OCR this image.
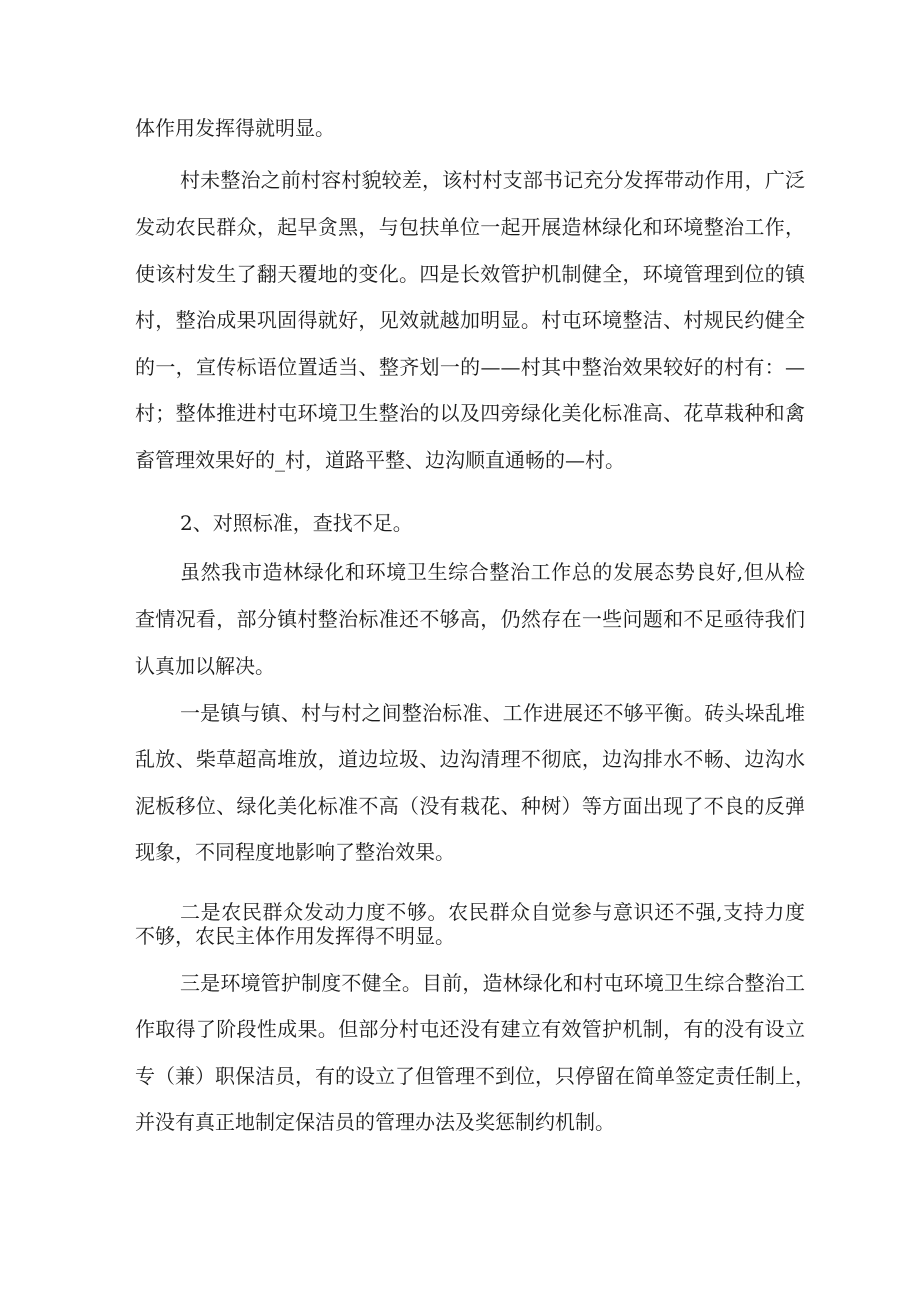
体作用发挥得就明显。
村未整治之前村容村貌较差，该村村支部书记充分发挥带动作用，广泛
发动农民群众，起早贪黑，与包扶单位一起开展造林绿化和环境整治工作，
使该村发生了翻天覆地的变化。四是长效管护机制健全，环境管理到位的镇
村，整治成果巩固得就好，见效就越加明显。村屯环境整洁、村规民约健全
的一，宣传标语位置适当、整齐划一的——村其中整治效果较好的村有：—
村；整体推进村屯环境卫生整治的以及四旁绿化美化标准高、花草栽种和禽
畜管理效果好的_村，道路平整、边沟顺直通畅的—村。
2、对照标准，查找不足。
虽然我市造林绿化和环境卫生综合整治工作总的发展态势良好,但从检
查情况看，部分镇村整治标准还不够高，仍然存在一些问题和不足亟待我们
认真加以解决。
一是镇与镇、村与村之间整治标准、工作进展还不够平衡。砖头垛乱堆
乱放、柴草超高堆放，道边垃圾、边沟清理不彻底，边沟排水不畅、边沟水
泥板移位、绿化美化标准不高（没有栽花、种树）等方面出现了不良的反弹
现象，不同程度地影响了整治效果。
二是农民群众发动力度不够。农民群众自觉参与意识还不强,支持力度
不够，农民主体作用发挥得不明显。
三是环境管护制度不健全。目前，造林绿化和村屯环境卫生综合整治工
作取得了阶段性成果。但部分村屯还没有建立有效管护机制，有的没有设立
专（兼）职保洁员，有的设立了但管理不到位，只停留在简单签定责任制上，
并没有真正地制定保洁员的管理办法及奖惩制约机制。
